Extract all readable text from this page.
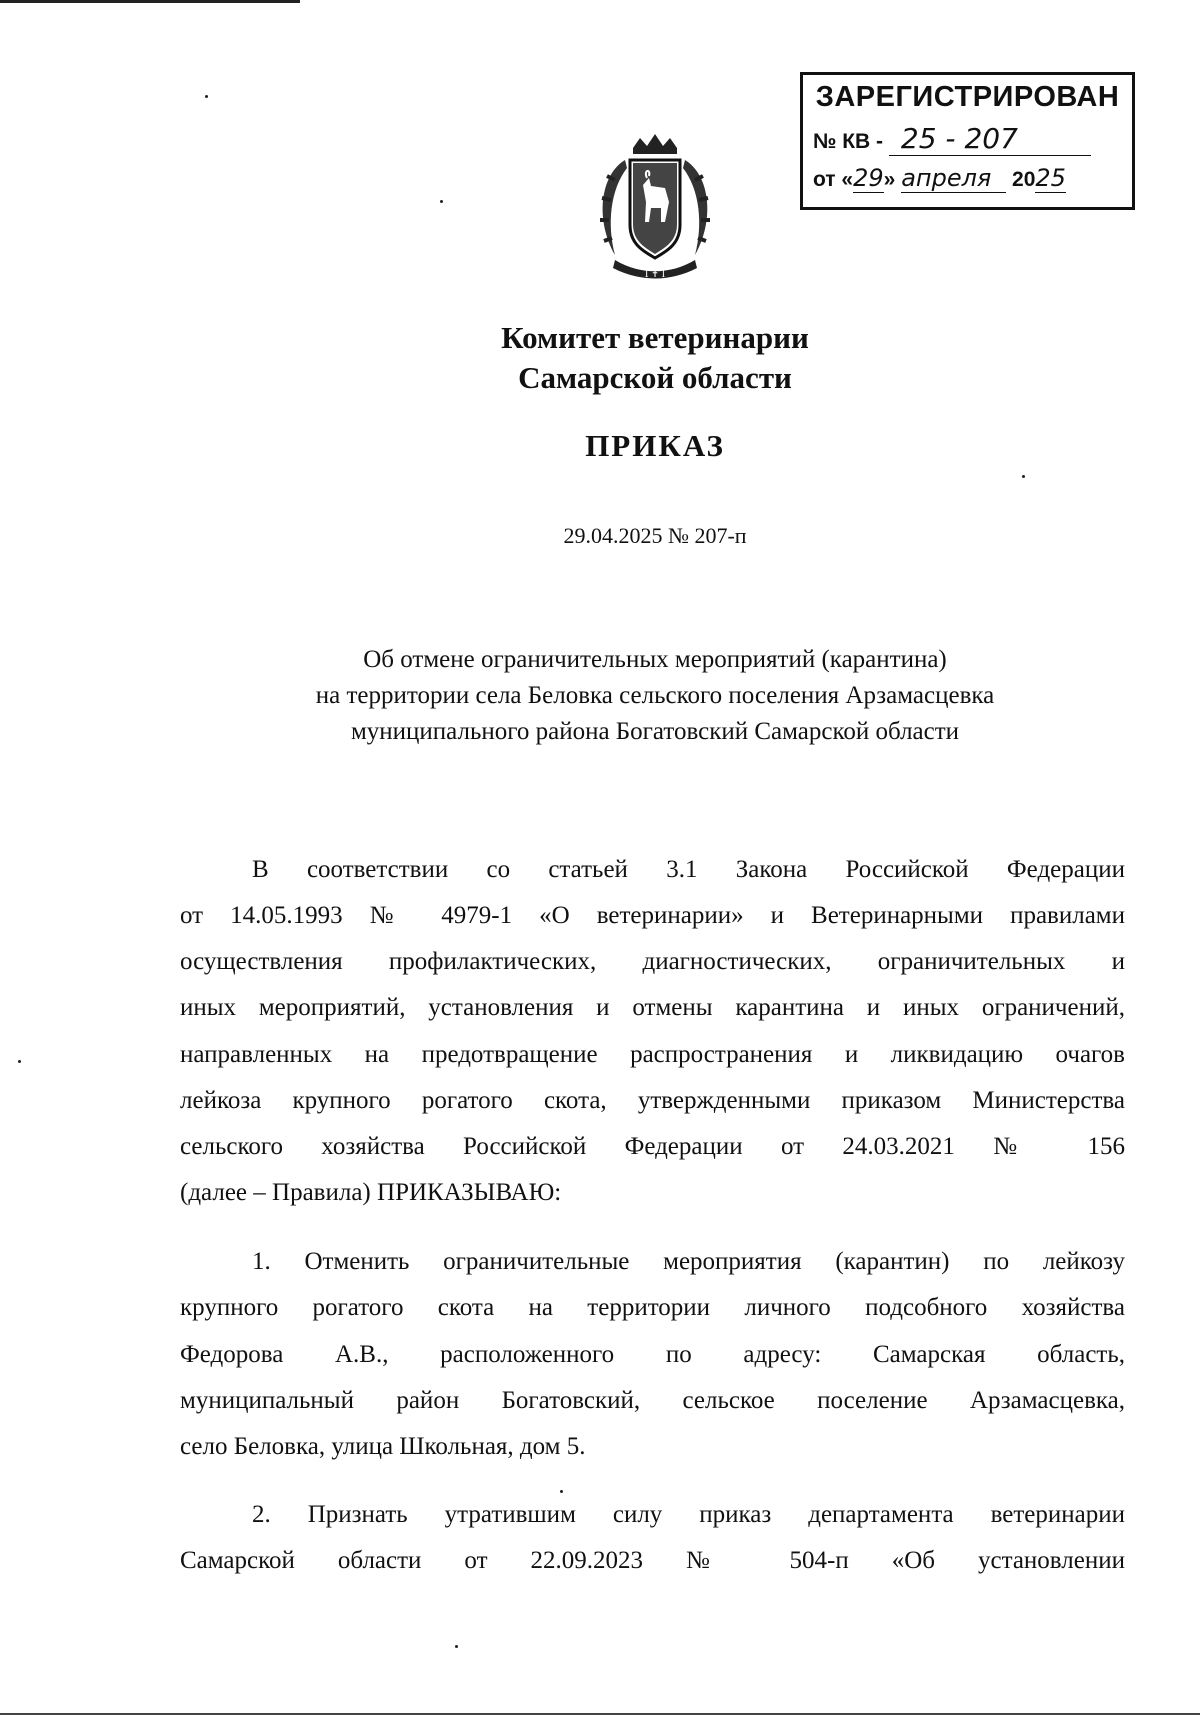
ЗАРЕГИСТРИРОВАН
№ КВ - 25 - 207
от «29» апреля 2025
I ✝ I
Комитет ветеринарии
Самарской области
ПРИКАЗ
29.04.2025 № 207-п
Об отмене ограничительных мероприятий (карантина)
на территории села Беловка сельского поселения Арзамасцевка
муниципального района Богатовский Самарской области
В соответствии со статьей 3.1 Закона Российской Федерации
от 14.05.1993 № 4979-1 «О ветеринарии» и Ветеринарными правилами
осуществления профилактических, диагностических, ограничительных и
иных мероприятий, установления и отмены карантина и иных ограничений,
направленных на предотвращение распространения и ликвидацию очагов
лейкоза крупного рогатого скота, утвержденными приказом Министерства
сельского хозяйства Российской Федерации от 24.03.2021 № 156
(далее – Правила) ПРИКАЗЫВАЮ:
1. Отменить ограничительные мероприятия (карантин) по лейкозу
крупного рогатого скота на территории личного подсобного хозяйства
Федорова А.В., расположенного по адресу: Самарская область,
муниципальный район Богатовский, сельское поселение Арзамасцевка,
село Беловка, улица Школьная, дом 5.
2. Признать утратившим силу приказ департамента ветеринарии
Самарской области от 22.09.2023 № 504-п «Об установлении
